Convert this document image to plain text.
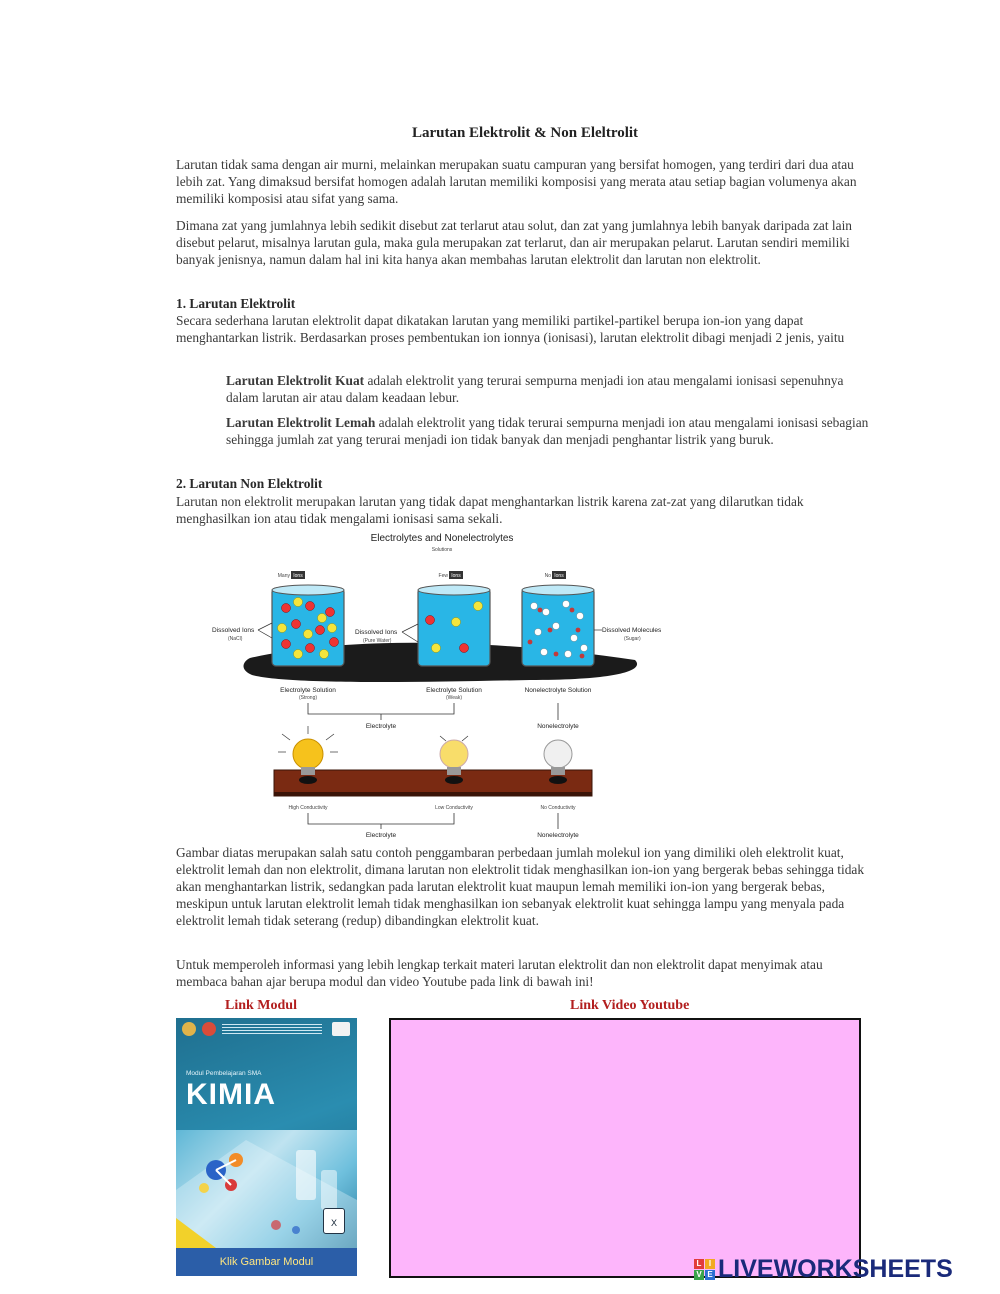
Larutan Elektrolit & Non Eleltrolit

Larutan tidak sama dengan air murni, melainkan merupakan suatu campuran yang bersifat homogen, yang terdiri dari dua atau lebih zat. Yang dimaksud bersifat homogen adalah larutan memiliki komposisi yang merata atau setiap bagian volumenya akan memiliki komposisi atau sifat yang sama.

Dimana zat yang jumlahnya lebih sedikit disebut zat terlarut atau solut, dan zat yang jumlahnya lebih banyak daripada zat lain disebut pelarut, misalnya larutan gula, maka gula merupakan zat terlarut, dan air merupakan pelarut. Larutan sendiri memiliki banyak jenisnya, namun dalam hal ini kita hanya akan membahas larutan elektrolit dan larutan non elektrolit.

1. Larutan Elektrolit

Secara sederhana larutan elektrolit dapat dikatakan larutan yang memiliki partikel-partikel berupa ion-ion yang dapat menghantarkan listrik. Berdasarkan proses pembentukan ion ionnya (ionisasi), larutan elektrolit dibagi menjadi 2 jenis, yaitu

Larutan Elektrolit Kuat adalah elektrolit yang terurai sempurna menjadi ion atau mengalami ionisasi sepenuhnya dalam larutan air atau dalam keadaan lebur.

Larutan Elektrolit Lemah adalah elektrolit yang tidak terurai sempurna menjadi ion atau mengalami ionisasi sebagian sehingga jumlah zat yang terurai menjadi ion tidak banyak dan menjadi penghantar listrik yang buruk.

2. Larutan Non Elektrolit

Larutan non elektrolit merupakan larutan yang tidak dapat menghantarkan listrik karena zat-zat yang dilarutkan tidak menghasilkan ion atau tidak mengalami ionisasi sama sekali.

Electrolytes and Nonelectrolytes
Solutions
Many Ions	Few Ions	No Ions
Dissolved Ions
(NaCl)
Dissolved Ions
(Pure Water)
Dissolved Molecules
(Sugar)
Electrolyte Solution
(Strong)
Electrolyte Solution
(Weak)
Nonelectrolyte Solution
Electrolyte	Nonelectrolyte
High Conductivity	Low Conductivity	No Conductivity
Electrolyte	Nonelectrolyte

Gambar diatas merupakan salah satu contoh penggambaran perbedaan jumlah molekul ion yang dimiliki oleh elektrolit kuat, elektrolit lemah dan non elektrolit, dimana larutan non elektrolit tidak menghasilkan ion-ion yang bergerak bebas sehingga tidak akan menghantarkan listrik, sedangkan pada larutan elektrolit kuat maupun lemah memiliki ion-ion yang bergerak bebas, meskipun untuk larutan elektrolit lemah tidak menghasilkan ion sebanyak elektrolit kuat sehingga lampu yang menyala pada elektrolit lemah tidak seterang (redup) dibandingkan elektrolit kuat.

Untuk memperoleh informasi yang lebih lengkap terkait materi larutan elektrolit dan non elektrolit dapat menyimak atau membaca bahan ajar berupa modul dan video Youtube pada link di bawah ini!

Link Modul	Link Video Youtube
Modul Pembelajaran SMA
KIMIA
X
Klik Gambar Modul	L I
V E LIVEWORKSHEETS
